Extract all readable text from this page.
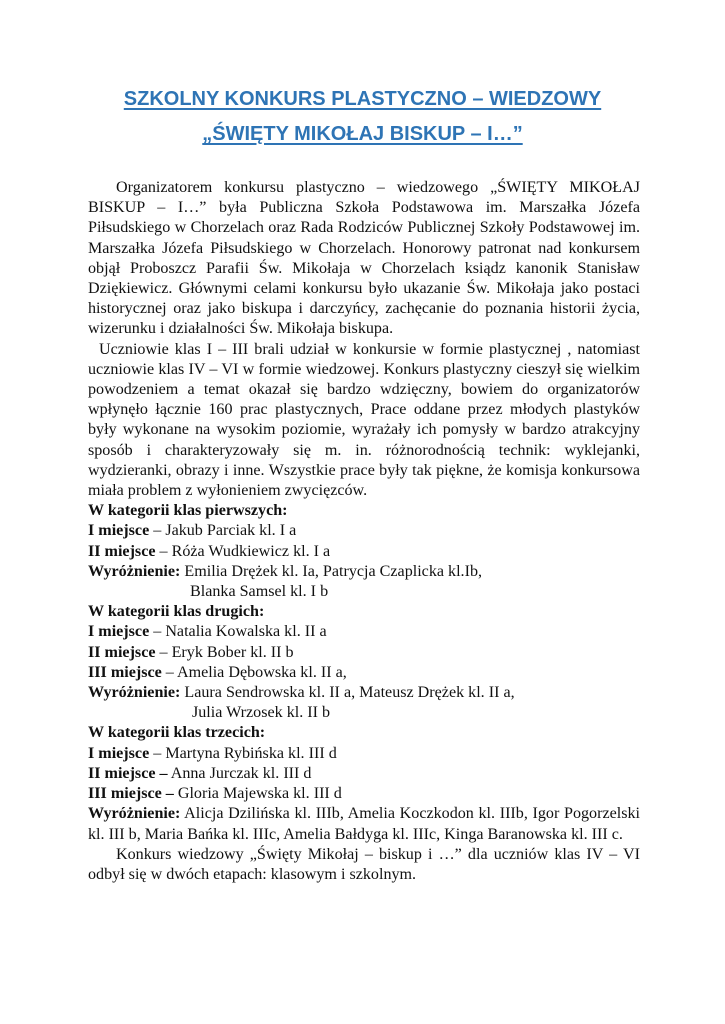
SZKOLNY KONKURS PLASTYCZNO – WIEDZOWY
„ŚWIĘTY MIKOŁAJ BISKUP – I…”

Organizatorem konkursu plastyczno – wiedzowego „ŚWIĘTY MIKOŁAJ BISKUP – I…” była Publiczna Szkoła Podstawowa im. Marszałka Józefa Piłsudskiego w Chorzelach oraz Rada Rodziców Publicznej Szkoły Podstawowej im. Marszałka Józefa Piłsudskiego w Chorzelach. Honorowy patronat nad konkursem objął Proboszcz Parafii Św. Mikołaja w Chorzelach ksiądz kanonik Stanisław Dziękiewicz. Głównymi celami konkursu było ukazanie Św. Mikołaja jako postaci historycznej oraz jako biskupa i darczyńcy, zachęcanie do poznania historii życia, wizerunku i działalności Św. Mikołaja biskupa.

Uczniowie klas I – III brali udział w konkursie w formie plastycznej , natomiast uczniowie klas IV – VI w formie wiedzowej. Konkurs plastyczny cieszył się wielkim powodzeniem a temat okazał się bardzo wdzięczny, bowiem do organizatorów wpłynęło łącznie 160 prac plastycznych, Prace oddane przez młodych plastyków były wykonane na wysokim poziomie, wyrażały ich pomysły w bardzo atrakcyjny sposób i charakteryzowały się m. in. różnorodnością technik: wyklejanki, wydzieranki, obrazy i inne. Wszystkie prace były tak piękne, że komisja konkursowa miała problem z wyłonieniem zwycięzców.

W kategorii klas pierwszych:

I miejsce – Jakub Parciak kl. I a

II miejsce – Róża Wudkiewicz kl. I a

Wyróżnienie: Emilia Drężek kl. Ia, Patrycja Czaplicka kl.Ib,

Blanka Samsel kl. I b

W kategorii klas drugich:

I miejsce – Natalia Kowalska kl. II a

II miejsce – Eryk Bober kl. II b

III miejsce – Amelia Dębowska kl. II a,

Wyróżnienie: Laura Sendrowska kl. II a, Mateusz Drężek kl. II a,

Julia Wrzosek kl. II b

W kategorii klas trzecich:

I miejsce – Martyna Rybińska kl. III d

II miejsce – Anna Jurczak kl. III d

III miejsce – Gloria Majewska kl. III d

Wyróżnienie: Alicja Dzilińska kl. IIIb, Amelia Koczkodon kl. IIIb, Igor Pogorzelski kl. III b, Maria Bańka kl. IIIc, Amelia Bałdyga kl. IIIc, Kinga Baranowska kl. III c.

Konkurs wiedzowy „Święty Mikołaj – biskup i …” dla uczniów klas IV – VI odbył się w dwóch etapach: klasowym i szkolnym.
